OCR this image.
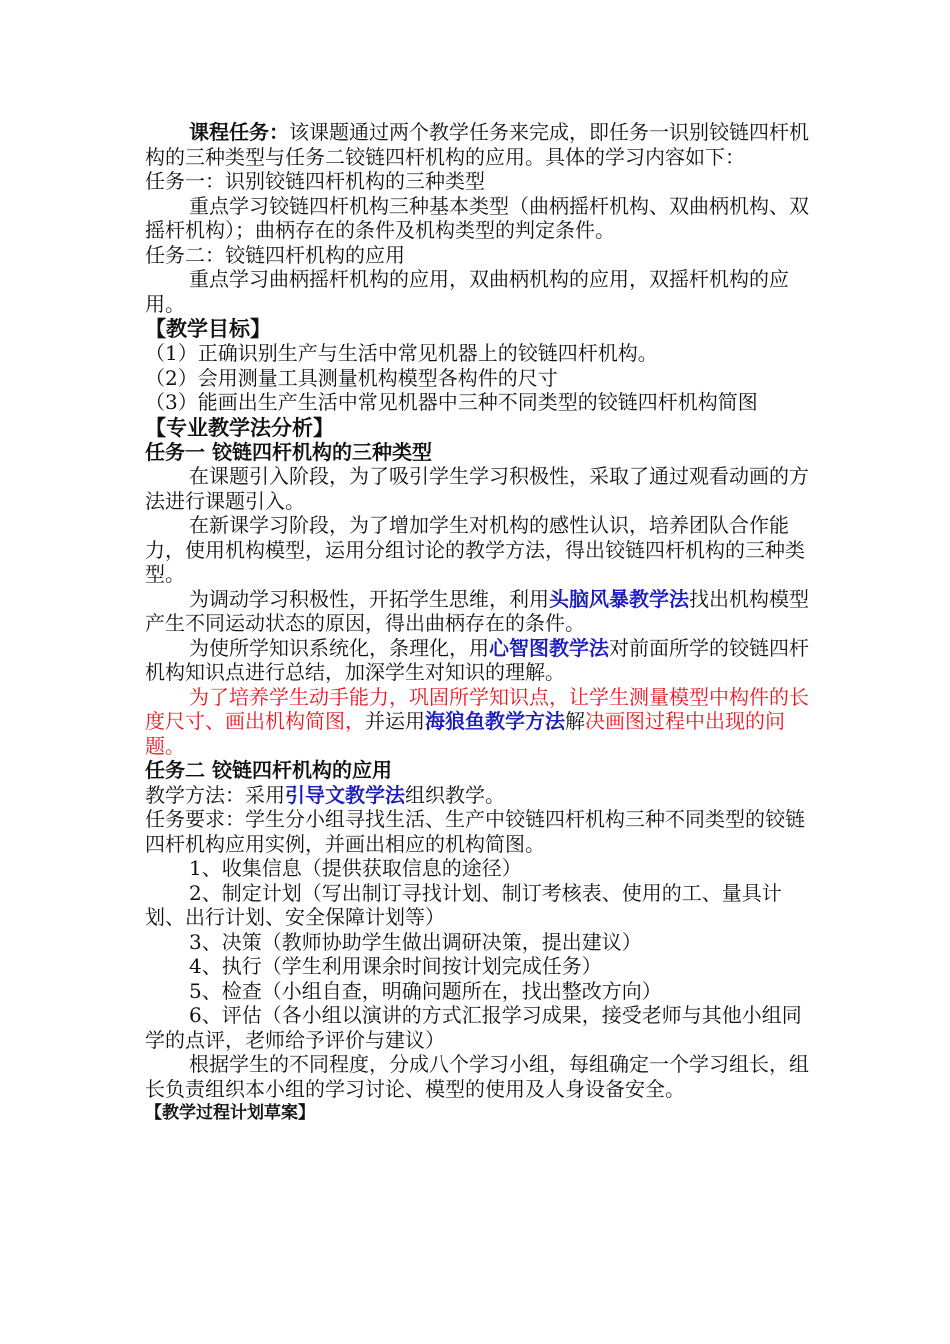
课程任务：该课题通过两个教学任务来完成，即任务一识别铰链四杆机构的三种类型与任务二铰链四杆机构的应用。具体的学习内容如下：

任务一：识别铰链四杆机构的三种类型

重点学习铰链四杆机构三种基本类型（曲柄摇杆机构、双曲柄机构、双摇杆机构）；曲柄存在的条件及机构类型的判定条件。

任务二：铰链四杆机构的应用

重点学习曲柄摇杆机构的应用，双曲柄机构的应用，双摇杆机构的应用。

【教学目标】

（1）正确识别生产与生活中常见机器上的铰链四杆机构。

（2）会用测量工具测量机构模型各构件的尺寸

（3）能画出生产生活中常见机器中三种不同类型的铰链四杆机构简图

【专业教学法分析】

任务一 铰链四杆机构的三种类型

在课题引入阶段，为了吸引学生学习积极性，采取了通过观看动画的方法进行课题引入。

在新课学习阶段，为了增加学生对机构的感性认识，培养团队合作能力，使用机构模型，运用分组讨论的教学方法，得出铰链四杆机构的三种类型。

为调动学习积极性，开拓学生思维，利用头脑风暴教学法找出机构模型产生不同运动状态的原因，得出曲柄存在的条件。

为使所学知识系统化，条理化，用心智图教学法对前面所学的铰链四杆机构知识点进行总结，加深学生对知识的理解。

为了培养学生动手能力，巩固所学知识点，让学生测量模型中构件的长度尺寸、画出机构简图，并运用海狼鱼教学方法解决画图过程中出现的问题。

任务二 铰链四杆机构的应用

教学方法：采用引导文教学法组织教学。

任务要求：学生分小组寻找生活、生产中铰链四杆机构三种不同类型的铰链四杆机构应用实例，并画出相应的机构简图。

1、收集信息（提供获取信息的途径）

2、制定计划（写出制订寻找计划、制订考核表、使用的工、量具计划、出行计划、安全保障计划等）

3、决策（教师协助学生做出调研决策，提出建议）

4、执行（学生利用课余时间按计划完成任务）

5、检查（小组自查，明确问题所在，找出整改方向）

6、评估（各小组以演讲的方式汇报学习成果，接受老师与其他小组同学的点评，老师给予评价与建议）

根据学生的不同程度，分成八个学习小组，每组确定一个学习组长，组长负责组织本小组的学习讨论、模型的使用及人身设备安全。

【教学过程计划草案】
